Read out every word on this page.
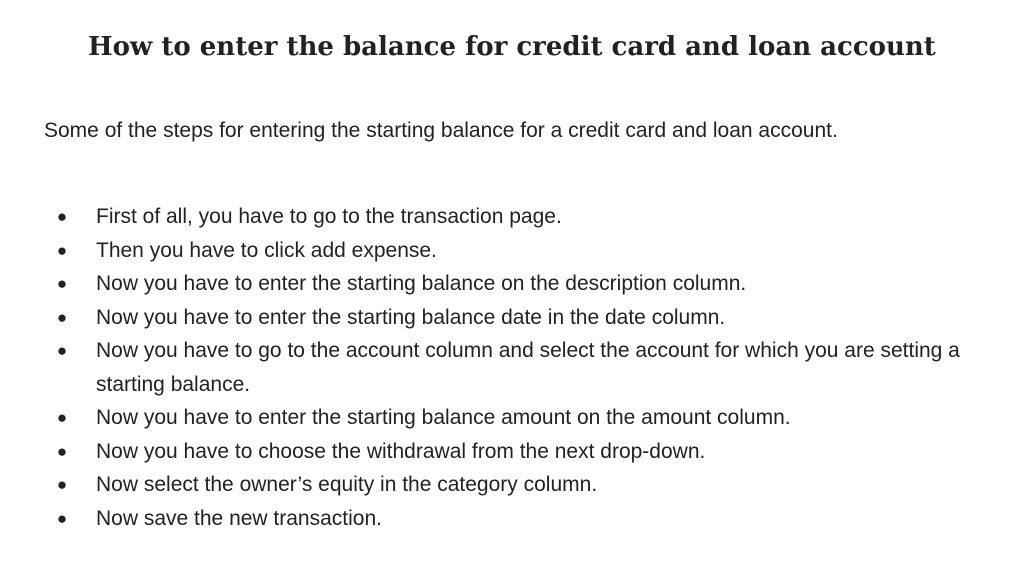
How to enter the balance for credit card and loan account

Some of the steps for entering the starting balance for a credit card and loan account.

● First of all, you have to go to the transaction page.
● Then you have to click add expense.
● Now you have to enter the starting balance on the description column.
● Now you have to enter the starting balance date in the date column.
● Now you have to go to the account column and select the account for which you are setting a starting balance.
● Now you have to enter the starting balance amount on the amount column.
● Now you have to choose the withdrawal from the next drop-down.
● Now select the owner’s equity in the category column.
● Now save the new transaction.
